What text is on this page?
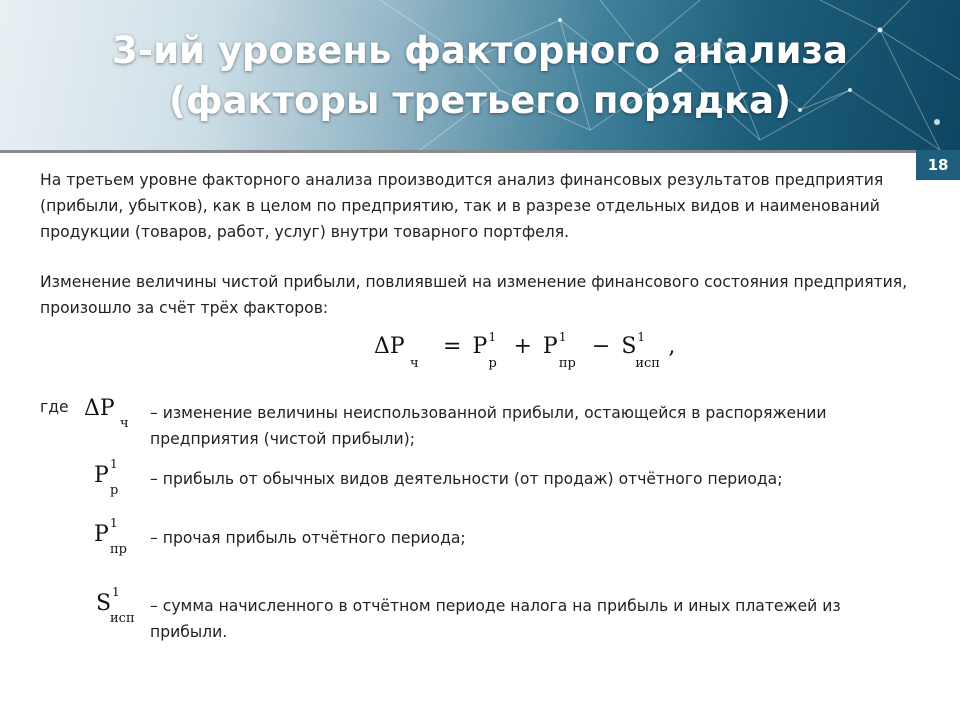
3-ий уровень факторного анализа
(факторы третьего порядка)
18
На третьем уровне факторного анализа производится анализ финансовых результатов предприятия (прибыли, убытков), как в целом по предприятию, так и в разрезе отдельных видов и наименований продукции (товаров, работ, услуг) внутри товарного портфеля.
Изменение величины чистой прибыли, повлиявшей на изменение финансового состояния предприятия, произошло за счёт трёх факторов:
ΔP
ч
= P 1
р
+ P 1
пр
− S 1
исп
,
где ΔP
ч
– изменение величины неиспользованной прибыли, остающейся в распоряжении предприятия (чистой прибыли);
P 1
р
– прибыль от обычных видов деятельности (от продаж) отчётного периода;
P 1
пр
– прочая прибыль отчётного периода;
S 1
исп
– сумма начисленного в отчётном периоде налога на прибыль и иных платежей из прибыли.
